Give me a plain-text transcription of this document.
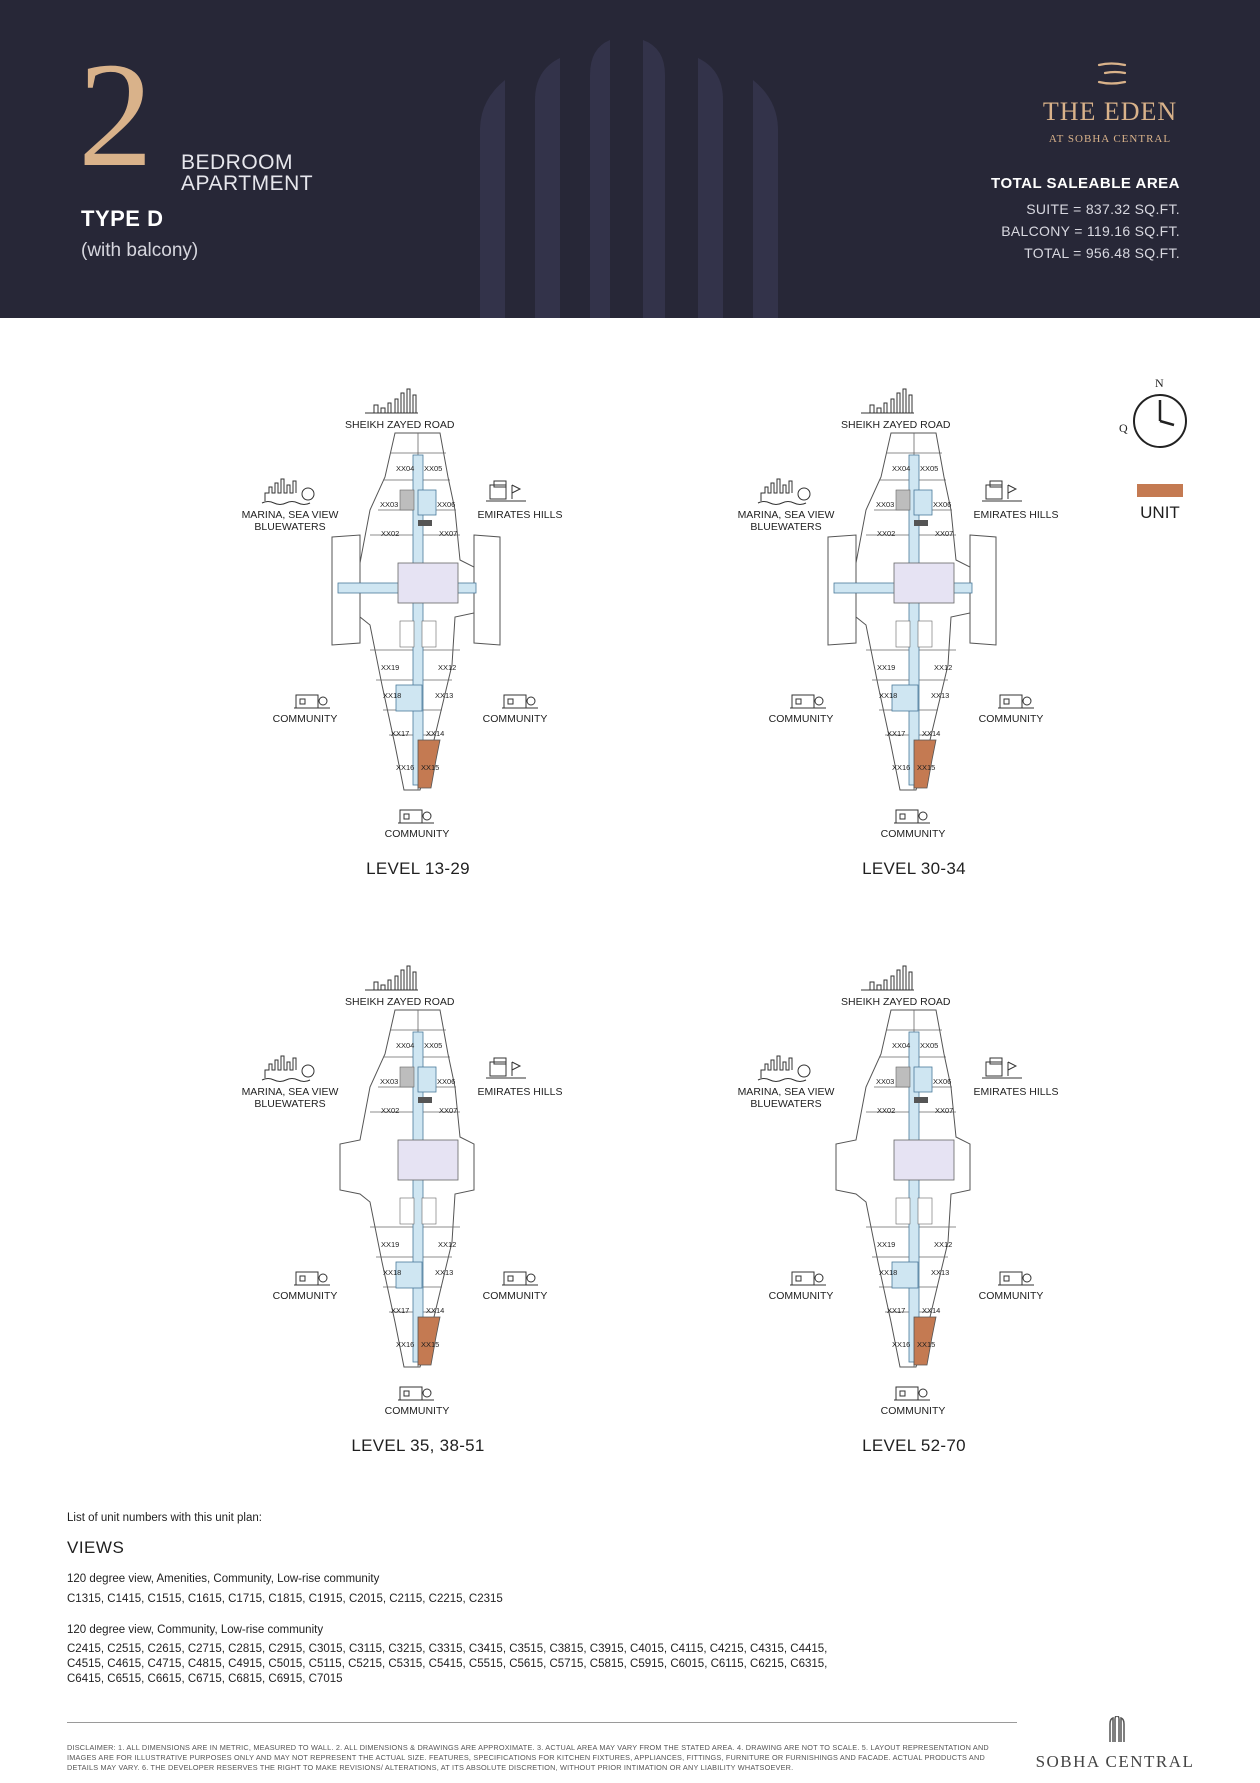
2 BEDROOM
APARTMENT
TYPE D
(with balcony)
THE EDEN
AT SOBHA CENTRAL
TOTAL SALEABLE AREA
SUITE = 837.32 SQ.FT.
BALCONY = 119.16 SQ.FT.
TOTAL = 956.48 SQ.FT.
N
Q
UNIT
SHEIKH ZAYED ROAD
MARINA, SEA VIEW
BLUEWATERS
EMIRATES HILLS
COMMUNITY	COMMUNITY
COMMUNITY
XX04 XX05
XX03	XX06
XX02	XX07
XX19	XX12
XX18	XX13
XX17 XX14
XX16 XX15
LEVEL 13-29
SHEIKH ZAYED ROAD
MARINA, SEA VIEW
BLUEWATERS
EMIRATES HILLS
COMMUNITY	COMMUNITY
COMMUNITY
XX04 XX05
XX03	XX06
XX02	XX07
XX19	XX12
XX18	XX13
XX17 XX14
XX16 XX15
LEVEL 30-34
SHEIKH ZAYED ROAD
MARINA, SEA VIEW
BLUEWATERS
EMIRATES HILLS
COMMUNITY	COMMUNITY
COMMUNITY
XX04 XX05
XX03	XX06
XX02	XX07
XX19	XX12
XX18	XX13
XX17 XX14
XX16 XX15
LEVEL 35, 38-51
SHEIKH ZAYED ROAD
MARINA, SEA VIEW
BLUEWATERS
EMIRATES HILLS
COMMUNITY	COMMUNITY
COMMUNITY
XX04 XX05
XX03	XX06
XX02	XX07
XX19	XX12
XX18	XX13
XX17 XX14
XX16 XX15
LEVEL 52-70
List of unit numbers with this unit plan:
VIEWS
120 degree view, Amenities, Community, Low-rise community
C1315, C1415, C1515, C1615, C1715, C1815, C1915, C2015, C2115, C2215, C2315
120 degree view, Community, Low-rise community
C2415, C2515, C2615, C2715, C2815, C2915, C3015, C3115, C3215, C3315, C3415, C3515, C3815, C3915, C4015, C4115, C4215, C4315, C4415, C4515, C4615, C4715, C4815, C4915, C5015, C5115, C5215, C5315, C5415, C5515, C5615, C5715, C5815, C5915, C6015, C6115, C6215, C6315, C6415, C6515, C6615, C6715, C6815, C6915, C7015
DISCLAIMER: 1. ALL DIMENSIONS ARE IN METRIC, MEASURED TO WALL. 2. ALL DIMENSIONS & DRAWINGS ARE APPROXIMATE. 3. ACTUAL AREA MAY VARY FROM THE STATED AREA. 4. DRAWING ARE NOT TO SCALE. 5. LAYOUT REPRESENTATION AND IMAGES ARE FOR ILLUSTRATIVE PURPOSES ONLY AND MAY NOT REPRESENT THE ACTUAL SIZE. FEATURES, SPECIFICATIONS FOR KITCHEN FIXTURES, APPLIANCES, FITTINGS, FURNITURE OR FURNISHINGS AND FACADE. ACTUAL PRODUCTS AND DETAILS MAY VARY. 6. THE DEVELOPER RESERVES THE RIGHT TO MAKE REVISIONS/ ALTERATIONS, AT ITS ABSOLUTE DISCRETION, WITHOUT PRIOR INTIMATION OR ANY LIABILITY WHATSOEVER.	SOBHA CENTRAL
